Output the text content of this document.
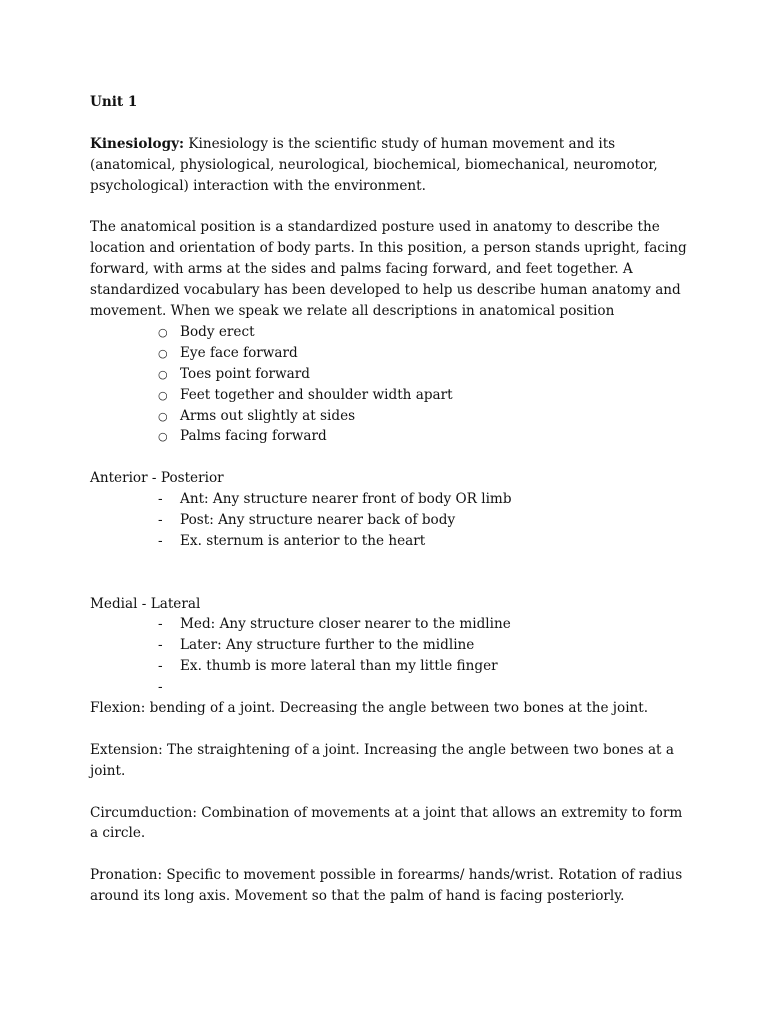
Unit 1

Kinesiology: Kinesiology is the scientific study of human movement and its (anatomical, physiological, neurological, biochemical, biomechanical, neuromotor, psychological) interaction with the environment.

The anatomical position is a standardized posture used in anatomy to describe the location and orientation of body parts. In this position, a person stands upright, facing forward, with arms at the sides and palms facing forward, and feet together. A standardized vocabulary has been developed to help us describe human anatomy and movement. When we speak we relate all descriptions in anatomical position

○ Body erect
○ Eye face forward
○ Toes point forward
○ Feet together and shoulder width apart
○ Arms out slightly at sides
○ Palms facing forward

Anterior - Posterior

-	Ant: Any structure nearer front of body OR limb
-	Post: Any structure nearer back of body
-	Ex. sternum is anterior to the heart

Medial - Lateral

-	Med: Any structure closer nearer to the midline
-	Later: Any structure further to the midline
-	Ex. thumb is more lateral than my little finger
-

Flexion: bending of a joint. Decreasing the angle between two bones at the joint.

Extension: The straightening of a joint. Increasing the angle between two bones at a joint.

Circumduction: Combination of movements at a joint that allows an extremity to form a circle.

Pronation: Specific to movement possible in forearms/ hands/wrist. Rotation of radius around its long axis. Movement so that the palm of hand is facing posteriorly.
